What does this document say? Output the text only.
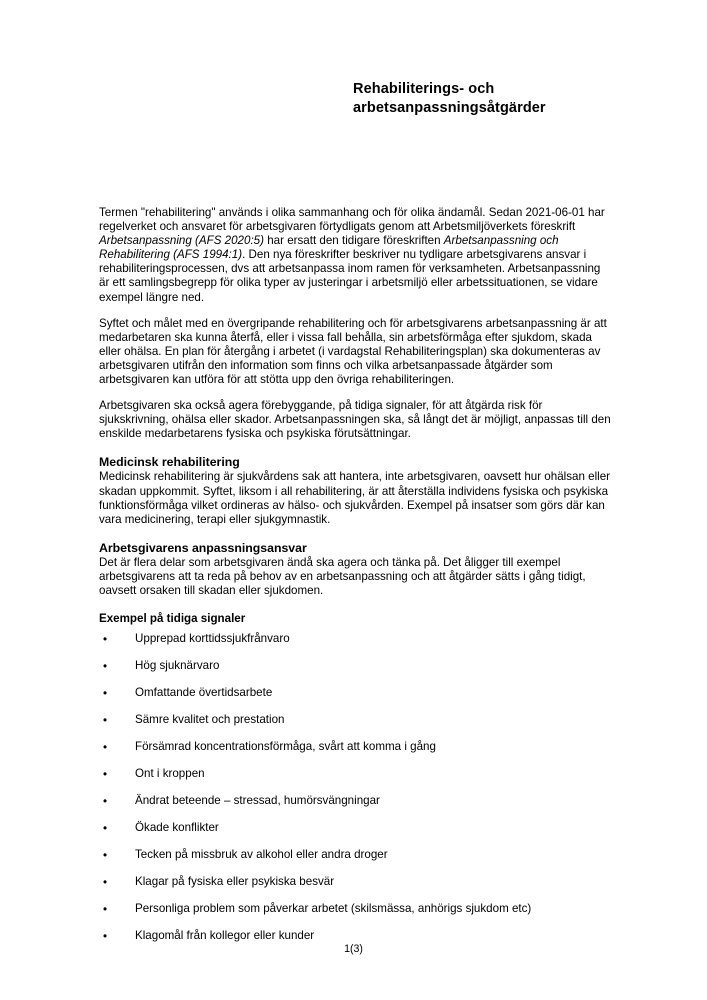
Rehabiliterings- och
arbetsanpassningsåtgärder

Termen "rehabilitering" används i olika sammanhang och för olika ändamål. Sedan 2021-06-01 har regelverket och ansvaret för arbetsgivaren förtydligats genom att Arbetsmiljöverkets föreskrift Arbetsanpassning (AFS 2020:5) har ersatt den tidigare föreskriften Arbetsanpassning och Rehabilitering (AFS 1994:1). Den nya föreskrifter beskriver nu tydligare arbetsgivarens ansvar i rehabiliteringsprocessen, dvs att arbetsanpassa inom ramen för verksamheten. Arbetsanpassning är ett samlingsbegrepp för olika typer av justeringar i arbetsmiljö eller arbetssituationen, se vidare exempel längre ned.

Syftet och målet med en övergripande rehabilitering och för arbetsgivarens arbetsanpassning är att medarbetaren ska kunna återfå, eller i vissa fall behålla, sin arbetsförmåga efter sjukdom, skada eller ohälsa. En plan för återgång i arbetet (i vardagstal Rehabiliteringsplan) ska dokumenteras av arbetsgivaren utifrån den information som finns och vilka arbetsanpassade åtgärder som arbetsgivaren kan utföra för att stötta upp den övriga rehabiliteringen.

Arbetsgivaren ska också agera förebyggande, på tidiga signaler, för att åtgärda risk för sjukskrivning, ohälsa eller skador. Arbetsanpassningen ska, så långt det är möjligt, anpassas till den enskilde medarbetarens fysiska och psykiska förutsättningar.

Medicinsk rehabilitering

Medicinsk rehabilitering är sjukvårdens sak att hantera, inte arbetsgivaren, oavsett hur ohälsan eller skadan uppkommit. Syftet, liksom i all rehabilitering, är att återställa individens fysiska och psykiska funktionsförmåga vilket ordineras av hälso- och sjukvården. Exempel på insatser som görs där kan vara medicinering, terapi eller sjukgymnastik.

Arbetsgivarens anpassningsansvar

Det är flera delar som arbetsgivaren ändå ska agera och tänka på. Det åligger till exempel arbetsgivarens att ta reda på behov av en arbetsanpassning och att åtgärder sätts i gång tidigt, oavsett orsaken till skadan eller sjukdomen.

Exempel på tidiga signaler
• Upprepad korttidssjukfrånvaro
• Hög sjuknärvaro
• Omfattande övertidsarbete
• Sämre kvalitet och prestation
• Försämrad koncentrationsförmåga, svårt att komma i gång
• Ont i kroppen
• Ändrat beteende – stressad, humörsvängningar
• Ökade konflikter
• Tecken på missbruk av alkohol eller andra droger
• Klagar på fysiska eller psykiska besvär
• Personliga problem som påverkar arbetet (skilsmässa, anhörigs sjukdom etc)
• Klagomål från kollegor eller kunder
1(3)
